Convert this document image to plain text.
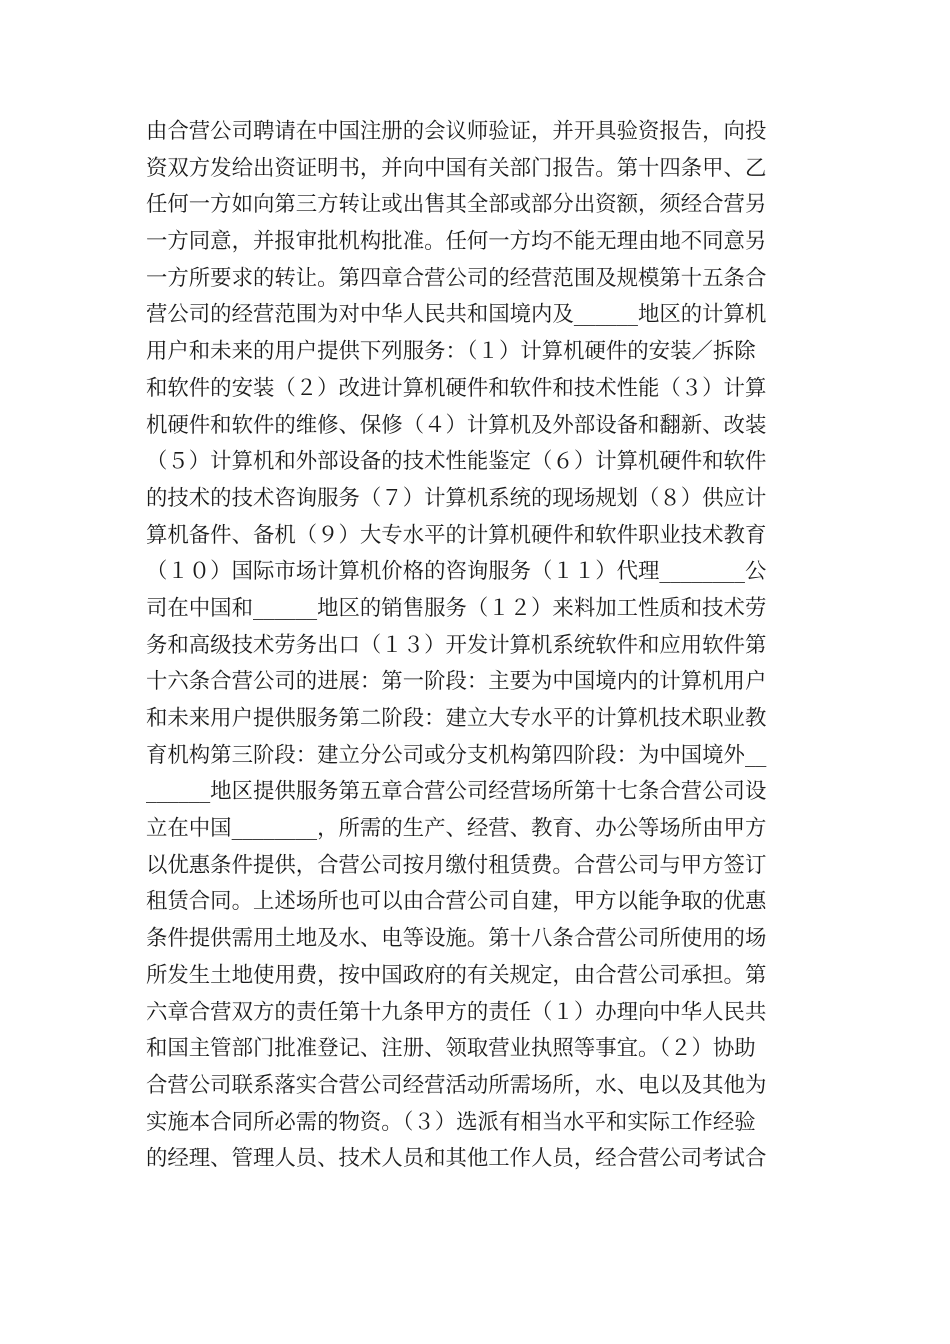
由合营公司聘请在中国注册的会议师验证，并开具验资报告，向投
资双方发给出资证明书，并向中国有关部门报告。第十四条甲、乙
任何一方如向第三方转让或出售其全部或部分出资额，须经合营另
一方同意，并报审批机构批准。任何一方均不能无理由地不同意另
一方所要求的转让。第四章合营公司的经营范围及规模第十五条合
营公司的经营范围为对中华人民共和国境内及______地区的计算机
用户和未来的用户提供下列服务：（１）计算机硬件的安装／拆除
和软件的安装（２）改进计算机硬件和软件和技术性能（３）计算
机硬件和软件的维修、保修（４）计算机及外部设备和翻新、改装
（５）计算机和外部设备的技术性能鉴定（６）计算机硬件和软件
的技术的技术咨询服务（７）计算机系统的现场规划（８）供应计
算机备件、备机（９）大专水平的计算机硬件和软件职业技术教育
（１０）国际市场计算机价格的咨询服务（１１）代理________公
司在中国和______地区的销售服务（１２）来料加工性质和技术劳
务和高级技术劳务出口（１３）开发计算机系统软件和应用软件第
十六条合营公司的进展：第一阶段：主要为中国境内的计算机用户
和未来用户提供服务第二阶段：建立大专水平的计算机技术职业教
育机构第三阶段：建立分公司或分支机构第四阶段：为中国境外__
______地区提供服务第五章合营公司经营场所第十七条合营公司设
立在中国________，所需的生产、经营、教育、办公等场所由甲方
以优惠条件提供，合营公司按月缴付租赁费。合营公司与甲方签订
租赁合同。上述场所也可以由合营公司自建，甲方以能争取的优惠
条件提供需用土地及水、电等设施。第十八条合营公司所使用的场
所发生土地使用费，按中国政府的有关规定，由合营公司承担。第
六章合营双方的责任第十九条甲方的责任（１）办理向中华人民共
和国主管部门批准登记、注册、领取营业执照等事宜。（２）协助
合营公司联系落实合营公司经营活动所需场所，水、电以及其他为
实施本合同所必需的物资。（３）选派有相当水平和实际工作经验
的经理、管理人员、技术人员和其他工作人员，经合营公司考试合
